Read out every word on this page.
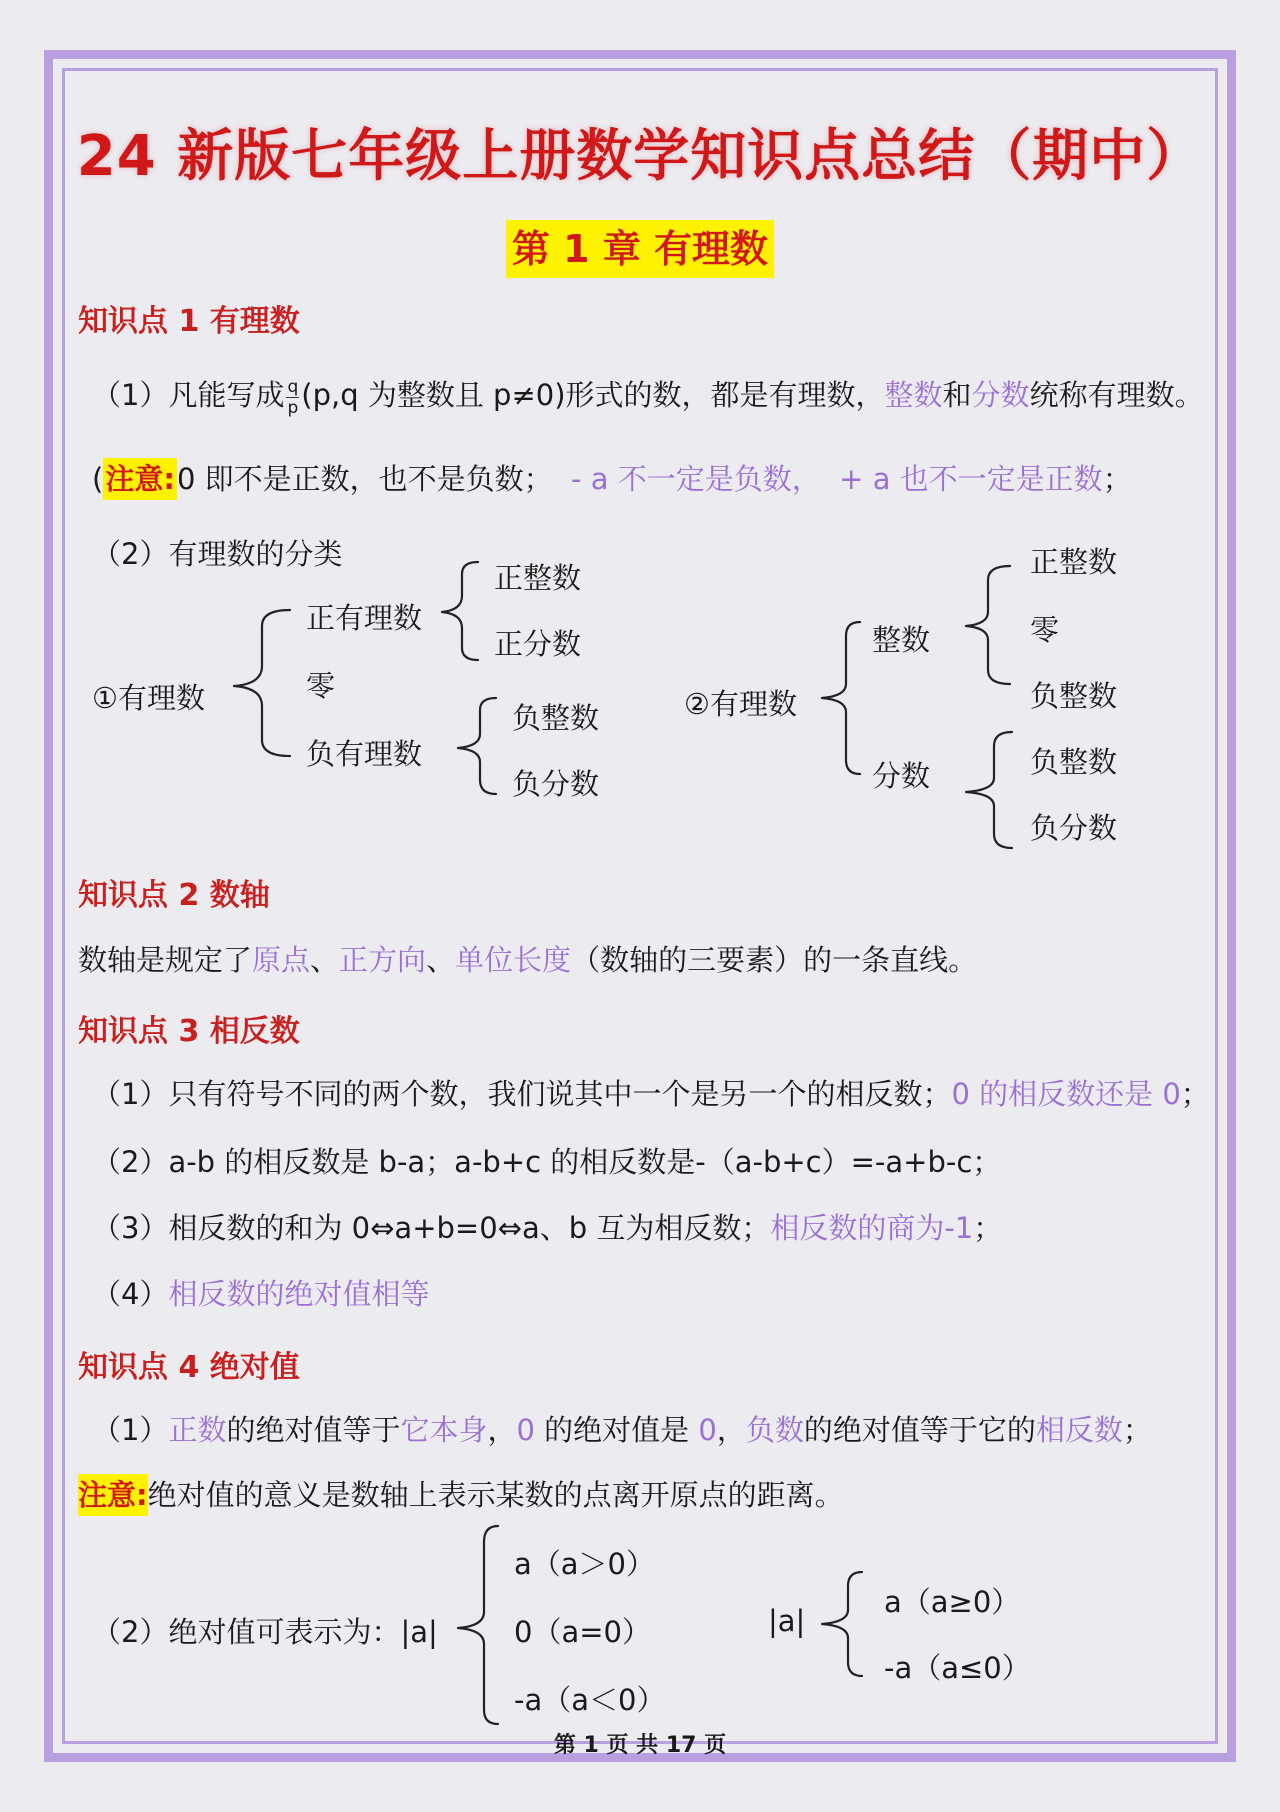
24 新版七年级上册数学知识点总结（期中）
第 1 章 有理数
知识点 1 有理数
（1）凡能写成 $\frac{q}{p} (p,q$ 为整数且 p≠0)形式的数，都是有理数，整数和分数统称有理数。
(注意:0 即不是正数，也不是负数； - a 不一定是负数， + a 也不一定是正数；
（2）有理数的分类
①有理数
正有理数
零
负有理数
正整数
正分数
负整数
负分数
②有理数
整数
分数
正整数
零
负整数
负整数
负分数
知识点 2 数轴
数轴是规定了原点、正方向、单位长度（数轴的三要素）的一条直线。
知识点 3 相反数
（1）只有符号不同的两个数，我们说其中一个是另一个的相反数；0 的相反数还是 0；
（2）a-b 的相反数是 b-a；a-b+c 的相反数是-（a-b+c）=-a+b-c；
（3）相反数的和为 0⇔a+b=0⇔a、b 互为相反数；相反数的商为-1；
（4）相反数的绝对值相等
知识点 4 绝对值
（1）正数的绝对值等于它本身，0 的绝对值是 0，负数的绝对值等于它的相反数；
注意:绝对值的意义是数轴上表示某数的点离开原点的距离。
（2）绝对值可表示为：|a|
a（a＞0）
0（a=0）
-a（a＜0）
|a|
a（a≥0）
-a（a≤0）
第 1 页 共 17 页
